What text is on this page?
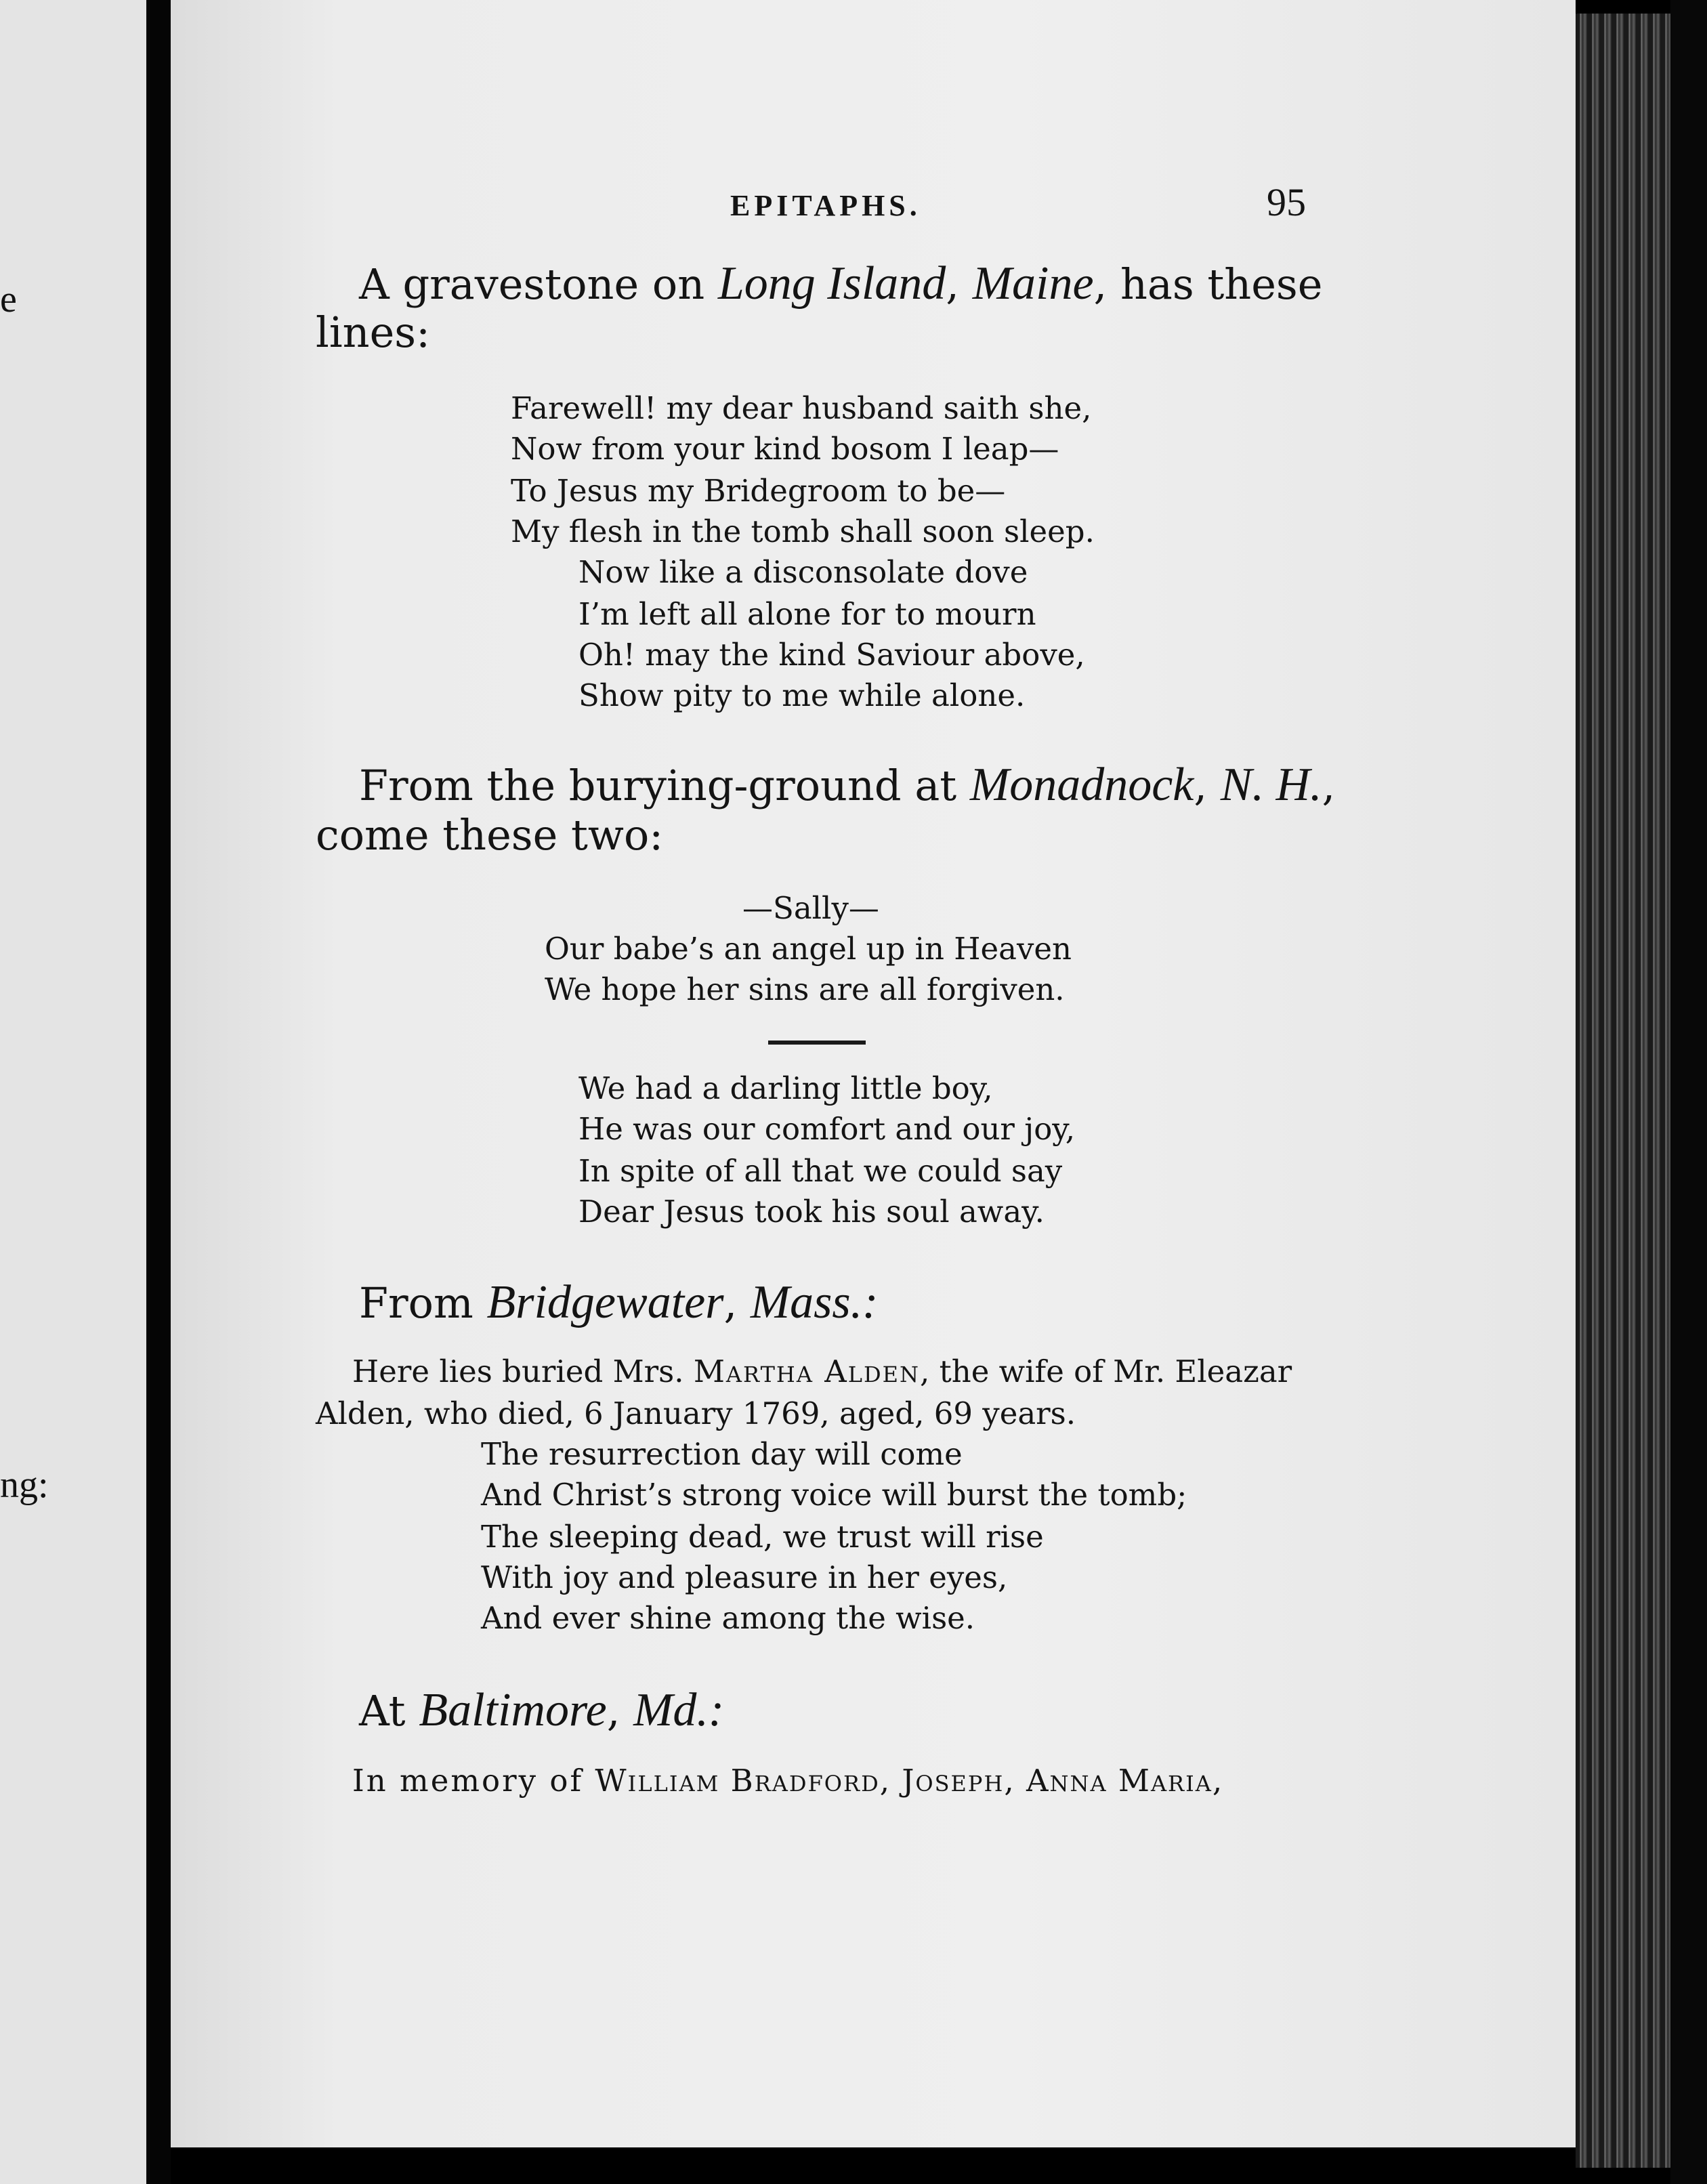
e
ng:
EPITAPHS.	95
A gravestone on Long Island, Maine, has these
lines:
Farewell! my dear husband saith she,
Now from your kind bosom I leap—
To Jesus my Bridegroom to be—
My flesh in the tomb shall soon sleep.
Now like a disconsolate dove
I’m left all alone for to mourn
Oh! may the kind Saviour above,
Show pity to me while alone.
From the burying-ground at Monadnock, N. H.,
come these two:
—Sally—
Our babe’s an angel up in Heaven
We hope her sins are all forgiven.
We had a darling little boy,
He was our comfort and our joy,
In spite of all that we could say
Dear Jesus took his soul away.
From Bridgewater, Mass.:
Here lies buried Mrs. Martha Alden, the wife of Mr. Eleazar
Alden, who died, 6 January 1769, aged, 69 years.
The resurrection day will come
And Christ’s strong voice will burst the tomb;
The sleeping dead, we trust will rise
With joy and pleasure in her eyes,
And ever shine among the wise.
At Baltimore, Md.:
In memory of William Bradford, Joseph, Anna Maria,
